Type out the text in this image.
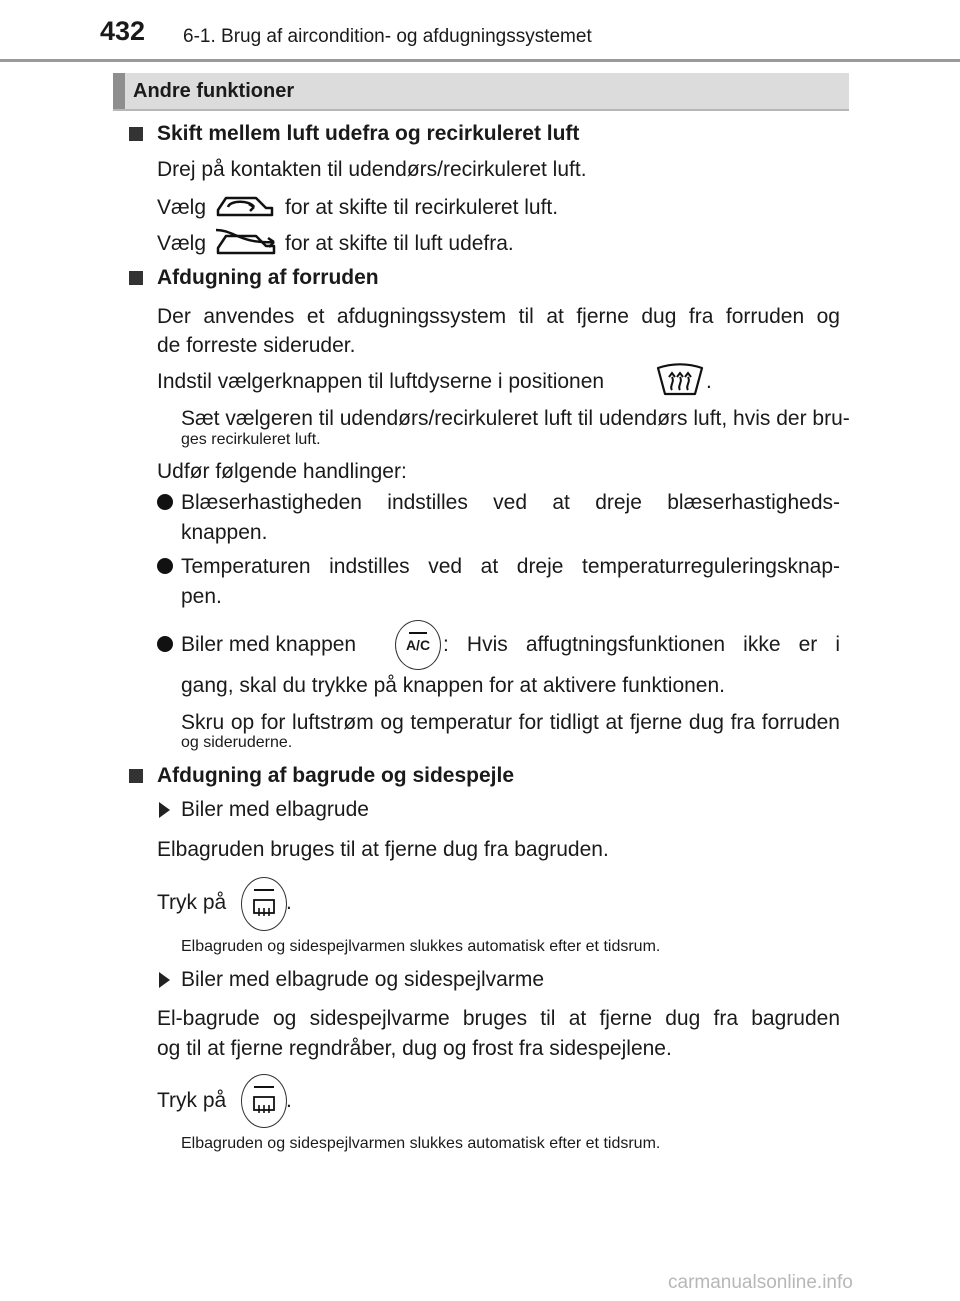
432 6-1. Brug af aircondition- og afdugningssystemet
Andre funktioner
Skift mellem luft udefra og recirkuleret luft
Drej på kontakten til udendørs/recirkuleret luft.
Vælg	for at skifte til recirkuleret luft.
Vælg	for at skifte til luft udefra.
Afdugning af forruden
Der anvendes et afdugningssystem til at fjerne dug fra forruden og
de forreste sideruder.
Indstil vælgerknappen til luftdyserne i positionen	.
Sæt vælgeren til udendørs/recirkuleret luft til udendørs luft, hvis der bru-
ges recirkuleret luft.
Udfør følgende handlinger:
Blæserhastigheden indstilles ved at dreje blæserhastigheds-
knappen.
Temperaturen indstilles ved at dreje temperaturreguleringsknap-
pen.
Biler med knappen	A/C : Hvis affugtningsfunktionen ikke er i
gang, skal du trykke på knappen for at aktivere funktionen.
Skru op for luftstrøm og temperatur for tidligt at fjerne dug fra forruden
og sideruderne.
Afdugning af bagrude og sidespejle
Biler med elbagrude
Elbagruden bruges til at fjerne dug fra bagruden.
Tryk på	.
Elbagruden og sidespejlvarmen slukkes automatisk efter et tidsrum.
Biler med elbagrude og sidespejlvarme
El-bagrude og sidespejlvarme bruges til at fjerne dug fra bagruden
og til at fjerne regndråber, dug og frost fra sidespejlene.
Tryk på	.
Elbagruden og sidespejlvarmen slukkes automatisk efter et tidsrum.
carmanualsonline.info
